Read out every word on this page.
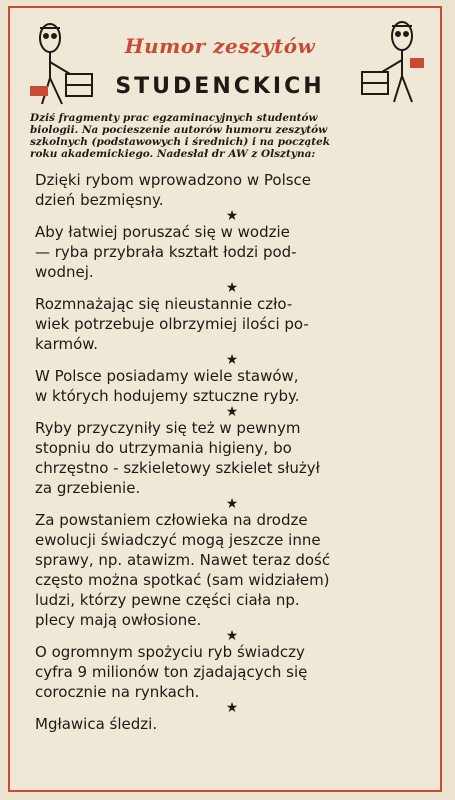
Humor zeszytów
STUDENCKICH
Dziś fragmenty prac egzaminacyjnych studentów
biologii. Na pocieszenie autorów humoru zeszytów
szkolnych (podstawowych i średnich) i na początek
roku akademickiego. Nadesłał dr AW z Olsztyna:
Dzięki rybom wprowadzono w Polsce
dzień bezmięsny.
★
Aby łatwiej poruszać się w wodzie
— ryba przybrała kształt łodzi pod-
wodnej.
★
Rozmnażając się nieustannie czło-
wiek potrzebuje olbrzymiej ilości po-
karmów.
★
W Polsce posiadamy wiele stawów,
w których hodujemy sztuczne ryby.
★
Ryby przyczyniły się też w pewnym
stopniu do utrzymania higieny, bo
chrzęstno - szkieletowy szkielet służył
za grzebienie.
★
Za powstaniem człowieka na drodze
ewolucji świadczyć mogą jeszcze inne
sprawy, np. atawizm. Nawet teraz dość
często można spotkać (sam widziałem)
ludzi, którzy pewne części ciała np.
plecy mają owłosione.
★
O ogromnym spożyciu ryb świadczy
cyfra 9 milionów ton zjadających się
corocznie na rynkach.
★
Mgławica śledzi.
